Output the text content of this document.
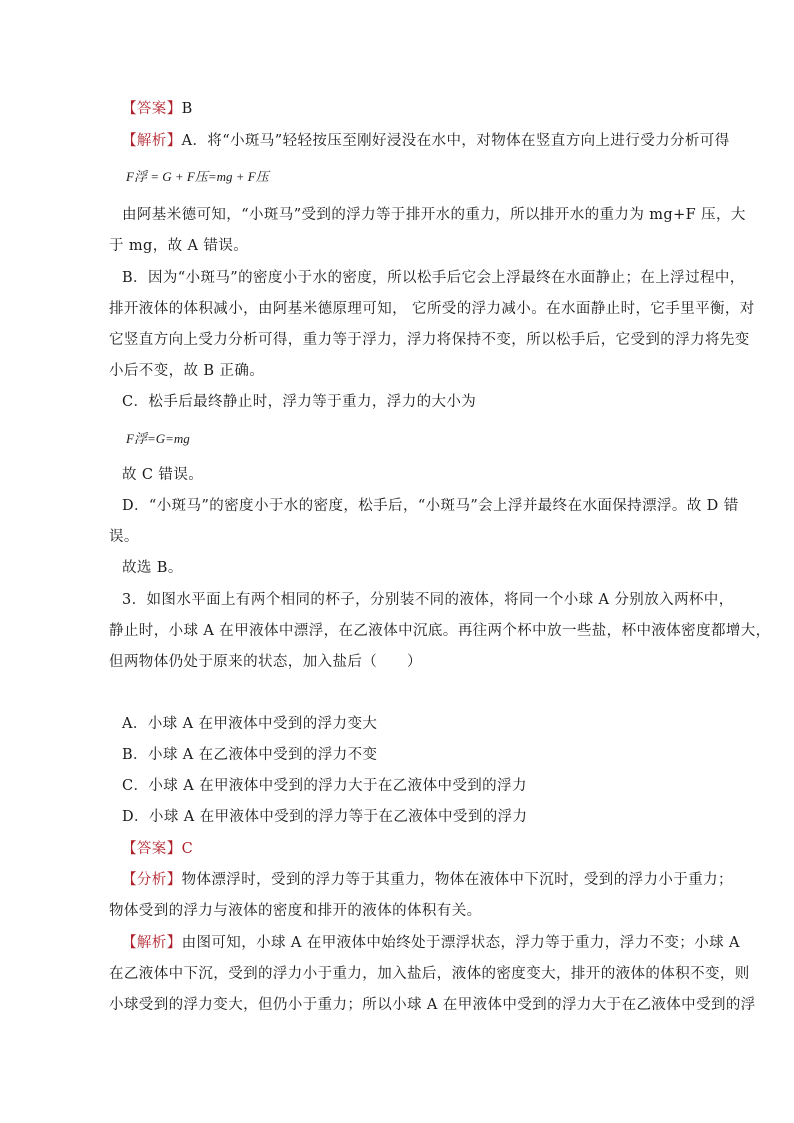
【答案】B
【解析】A．将“小斑马”轻轻按压至刚好浸没在水中，对物体在竖直方向上进行受力分析可得
F浮 = G + F压=mg + F压
由阿基米德可知，“小斑马”受到的浮力等于排开水的重力，所以排开水的重力为 mg+F 压，大
于 mg，故 A 错误。
B．因为“小斑马”的密度小于水的密度，所以松手后它会上浮最终在水面静止；在上浮过程中，
排开液体的体积减小，由阿基米德原理可知， 它所受的浮力减小。在水面静止时，它手里平衡，对
它竖直方向上受力分析可得，重力等于浮力，浮力将保持不变，所以松手后，它受到的浮力将先变
小后不变，故 B 正确。
C．松手后最终静止时，浮力等于重力，浮力的大小为
F浮=G=mg
故 C 错误。
D．“小斑马”的密度小于水的密度，松手后，“小斑马”会上浮并最终在水面保持漂浮。故 D 错
误。
故选 B。
3．如图水平面上有两个相同的杯子，分别装不同的液体，将同一个小球 A 分别放入两杯中，
静止时，小球 A 在甲液体中漂浮，在乙液体中沉底。再往两个杯中放一些盐，杯中液体密度都增大，
但两物体仍处于原来的状态，加入盐后（　　）
A．小球 A 在甲液体中受到的浮力变大
B．小球 A 在乙液体中受到的浮力不变
C．小球 A 在甲液体中受到的浮力大于在乙液体中受到的浮力
D．小球 A 在甲液体中受到的浮力等于在乙液体中受到的浮力
【答案】C
【分析】物体漂浮时，受到的浮力等于其重力，物体在液体中下沉时，受到的浮力小于重力；
物体受到的浮力与液体的密度和排开的液体的体积有关。
【解析】由图可知，小球 A 在甲液体中始终处于漂浮状态，浮力等于重力，浮力不变；小球 A
在乙液体中下沉，受到的浮力小于重力，加入盐后，液体的密度变大，排开的液体的体积不变，则
小球受到的浮力变大，但仍小于重力；所以小球 A 在甲液体中受到的浮力大于在乙液体中受到的浮
